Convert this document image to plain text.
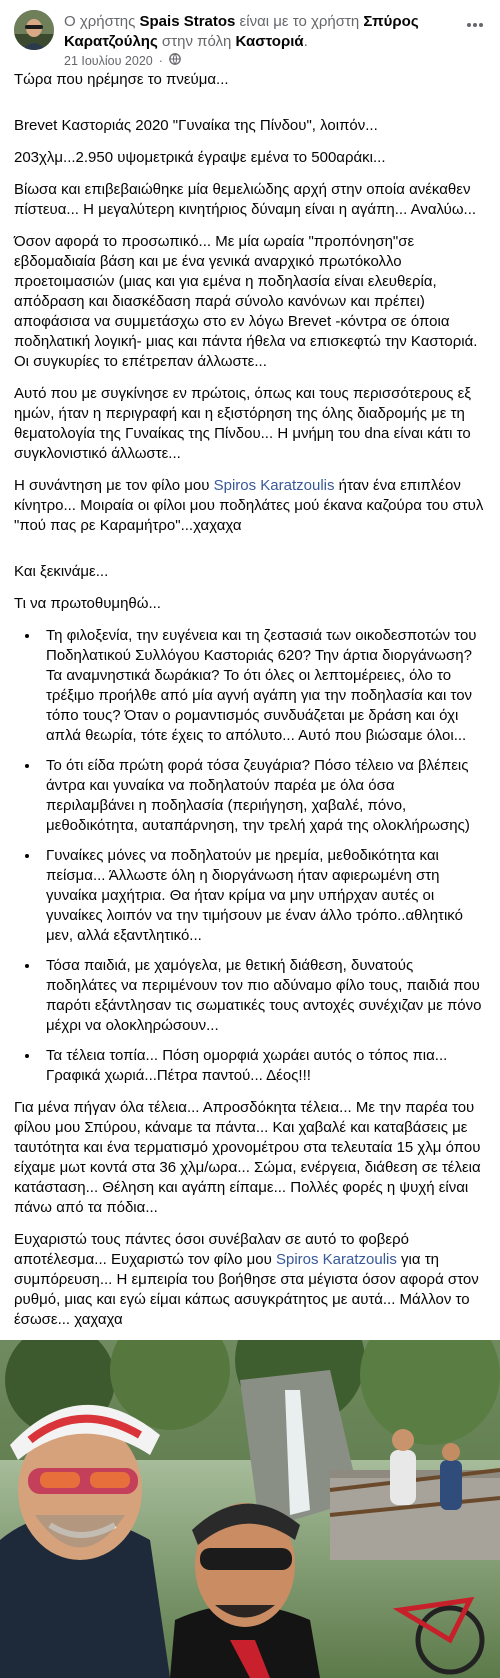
Ο χρήστης Spais Stratos είναι με το χρήστη Σπύρος Καρατζούλης στην πόλη Καστοριά.
21 Ιουλίου 2020 ·

Τώρα που ηρέμησε το πνεύμα...

Brevet Καστοριάς 2020 "Γυναίκα της Πίνδου", λοιπόν...

203χλμ...2.950 υψομετρικά έγραψε εμένα το 500αράκι...

Βίωσα και επιβεβαιώθηκε μία θεμελιώδης αρχή στην οποία ανέκαθεν πίστευα... Η μεγαλύτερη κινητήριος δύναμη είναι η αγάπη... Αναλύω...

Όσον αφορά το προσωπικό... Με μία ωραία "προπόνηση"σε εβδομαδιαία βάση και με ένα γενικά αναρχικό πρωτόκολλο προετοιμασιών (μιας και για εμένα η ποδηλασία είναι ελευθερία, απόδραση και διασκέδαση παρά σύνολο κανόνων και πρέπει) αποφάσισα να συμμετάσχω στο εν λόγω Brevet -κόντρα σε όποια ποδηλατική λογική- μιας και πάντα ήθελα να επισκεφτώ την Καστοριά. Οι συγκυρίες το επέτρεπαν άλλωστε...

Αυτό που με συγκίνησε εν πρώτοις, όπως και τους περισσότερους εξ ημών, ήταν η περιγραφή και η εξιστόρηση της όλης διαδρομής με τη θεματολογία της Γυναίκας της Πίνδου... Η μνήμη του dna είναι κάτι το συγκλονιστικό άλλωστε...

Η συνάντηση με τον φίλο μου Spiros Karatzoulis ήταν ένα επιπλέον κίνητρο... Μοιραία οι φίλοι μου ποδηλάτες μού έκανα καζούρα του στυλ "πού πας ρε Καραμήτρο"...χαχαχα

Και ξεκινάμε...

Τι να πρωτοθυμηθώ...

• Τη φιλοξενία, την ευγένεια και τη ζεστασιά των οικοδεσποτών του Ποδηλατικού Συλλόγου Καστοριάς 620? Την άρτια διοργάνωση? Τα αναμνηστικά δωράκια? Το ότι όλες οι λεπτομέρειες, όλο το τρέξιμο προήλθε από μία αγνή αγάπη για την ποδηλασία και τον τόπο τους? Όταν ο ρομαντισμός συνδυάζεται με δράση και όχι απλά θεωρία, τότε έχεις το απόλυτο... Αυτό που βιώσαμε όλοι...
• Το ότι είδα πρώτη φορά τόσα ζευγάρια? Πόσο τέλειο να βλέπεις άντρα και γυναίκα να ποδηλατούν παρέα με όλα όσα περιλαμβάνει η ποδηλασία (περιήγηση, χαβαλέ, πόνο, μεθοδικότητα, αυταπάρνηση, την τρελή χαρά της ολοκλήρωσης)
• Γυναίκες μόνες να ποδηλατούν με ηρεμία, μεθοδικότητα και πείσμα... Άλλωστε όλη η διοργάνωση ήταν αφιερωμένη στη γυναίκα μαχήτρια. Θα ήταν κρίμα να μην υπήρχαν αυτές οι γυναίκες λοιπόν να την τιμήσουν με έναν άλλο τρόπο..αθλητικό μεν, αλλά εξαντλητικό...
• Τόσα παιδιά, με χαμόγελα, με θετική διάθεση, δυνατούς ποδηλάτες να περιμένουν τον πιο αδύναμο φίλο τους, παιδιά που παρότι εξάντλησαν τις σωματικές τους αντοχές συνέχιζαν με πόνο μέχρι να ολοκληρώσουν...
• Τα τέλεια τοπία... Πόση ομορφιά χωράει αυτός ο τόπος πια... Γραφικά χωριά...Πέτρα παντού... Δέος!!!

Για μένα πήγαν όλα τέλεια... Απροσδόκητα τέλεια... Με την παρέα του φίλου μου Σπύρου, κάναμε τα πάντα... Και χαβαλέ και καταβάσεις με ταυτότητα και ένα τερματισμό χρονομέτρου στα τελευταία 15 χλμ όπου είχαμε μωτ κοντά στα 36 χλμ/ωρα... Σώμα, ενέργεια, διάθεση σε τέλεια κατάσταση... Θέληση και αγάπη είπαμε... Πολλές φορές η ψυχή είναι πάνω από τα πόδια...

Ευχαριστώ τους πάντες όσοι συνέβαλαν σε αυτό το φοβερό αποτέλεσμα... Ευχαριστώ τον φίλο μου Spiros Karatzoulis για τη συμπόρευση... Η εμπειρία του βοήθησε στα μέγιστα όσον αφορά στον ρυθμό, μιας και εγώ είμαι κάπως ασυγκράτητος με αυτά... Μάλλον το έσωσε... χαχαχα
